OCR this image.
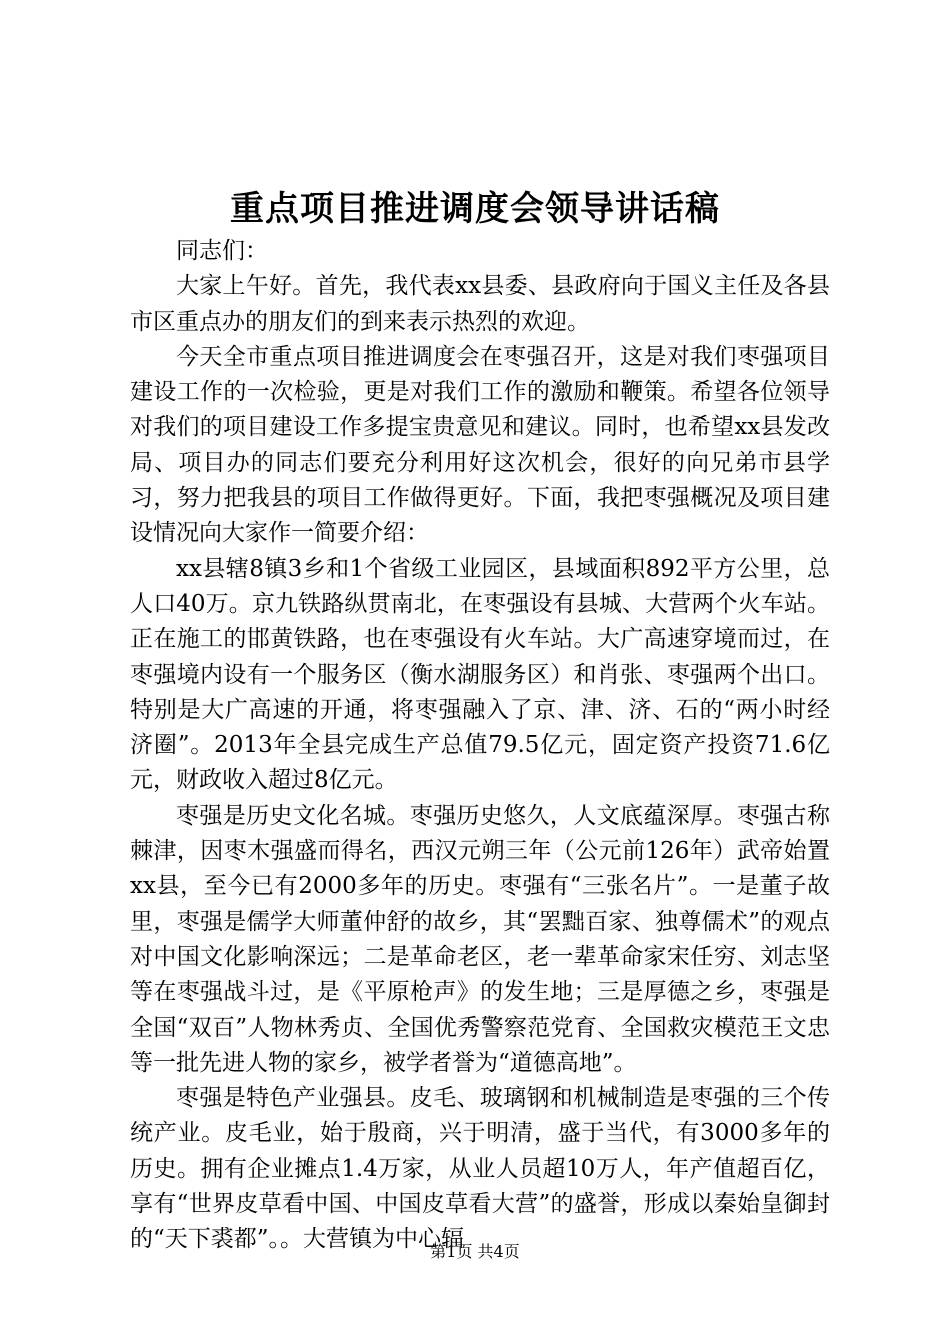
重点项目推进调度会领导讲话稿

同志们：

大家上午好。首先，我代表xx县委、县政府向于国义主任及各县市区重点办的朋友们的到来表示热烈的欢迎。

今天全市重点项目推进调度会在枣强召开，这是对我们枣强项目建设工作的一次检验，更是对我们工作的激励和鞭策。希望各位领导对我们的项目建设工作多提宝贵意见和建议。同时，也希望xx县发改局、项目办的同志们要充分利用好这次机会，很好的向兄弟市县学习，努力把我县的项目工作做得更好。下面，我把枣强概况及项目建设情况向大家作一简要介绍：

xx县辖8镇3乡和1个省级工业园区，县域面积892平方公里，总人口40万。京九铁路纵贯南北，在枣强设有县城、大营两个火车站。正在施工的邯黄铁路，也在枣强设有火车站。大广高速穿境而过，在枣强境内设有一个服务区（衡水湖服务区）和肖张、枣强两个出口。特别是大广高速的开通，将枣强融入了京、津、济、石的“两小时经济圈”。2013年全县完成生产总值79.5亿元，固定资产投资71.6亿元，财政收入超过8亿元。

枣强是历史文化名城。枣强历史悠久，人文底蕴深厚。枣强古称棘津，因枣木强盛而得名，西汉元朔三年（公元前126年）武帝始置xx县，至今已有2000多年的历史。枣强有“三张名片”。一是董子故里，枣强是儒学大师董仲舒的故乡，其“罢黜百家、独尊儒术”的观点对中国文化影响深远；二是革命老区，老一辈革命家宋任穷、刘志坚等在枣强战斗过，是《平原枪声》的发生地；三是厚德之乡，枣强是全国“双百”人物林秀贞、全国优秀警察范党育、全国救灾模范王文忠等一批先进人物的家乡，被学者誉为“道德高地”。

枣强是特色产业强县。皮毛、玻璃钢和机械制造是枣强的三个传统产业。皮毛业，始于殷商，兴于明清，盛于当代，有3000多年的历史。拥有企业摊点1.4万家，从业人员超10万人，年产值超百亿，享有“世界皮草看中国、中国皮草看大营”的盛誉，形成以秦始皇御封的“天下裘都”。。大营镇为中心辐

第1页 共4页
